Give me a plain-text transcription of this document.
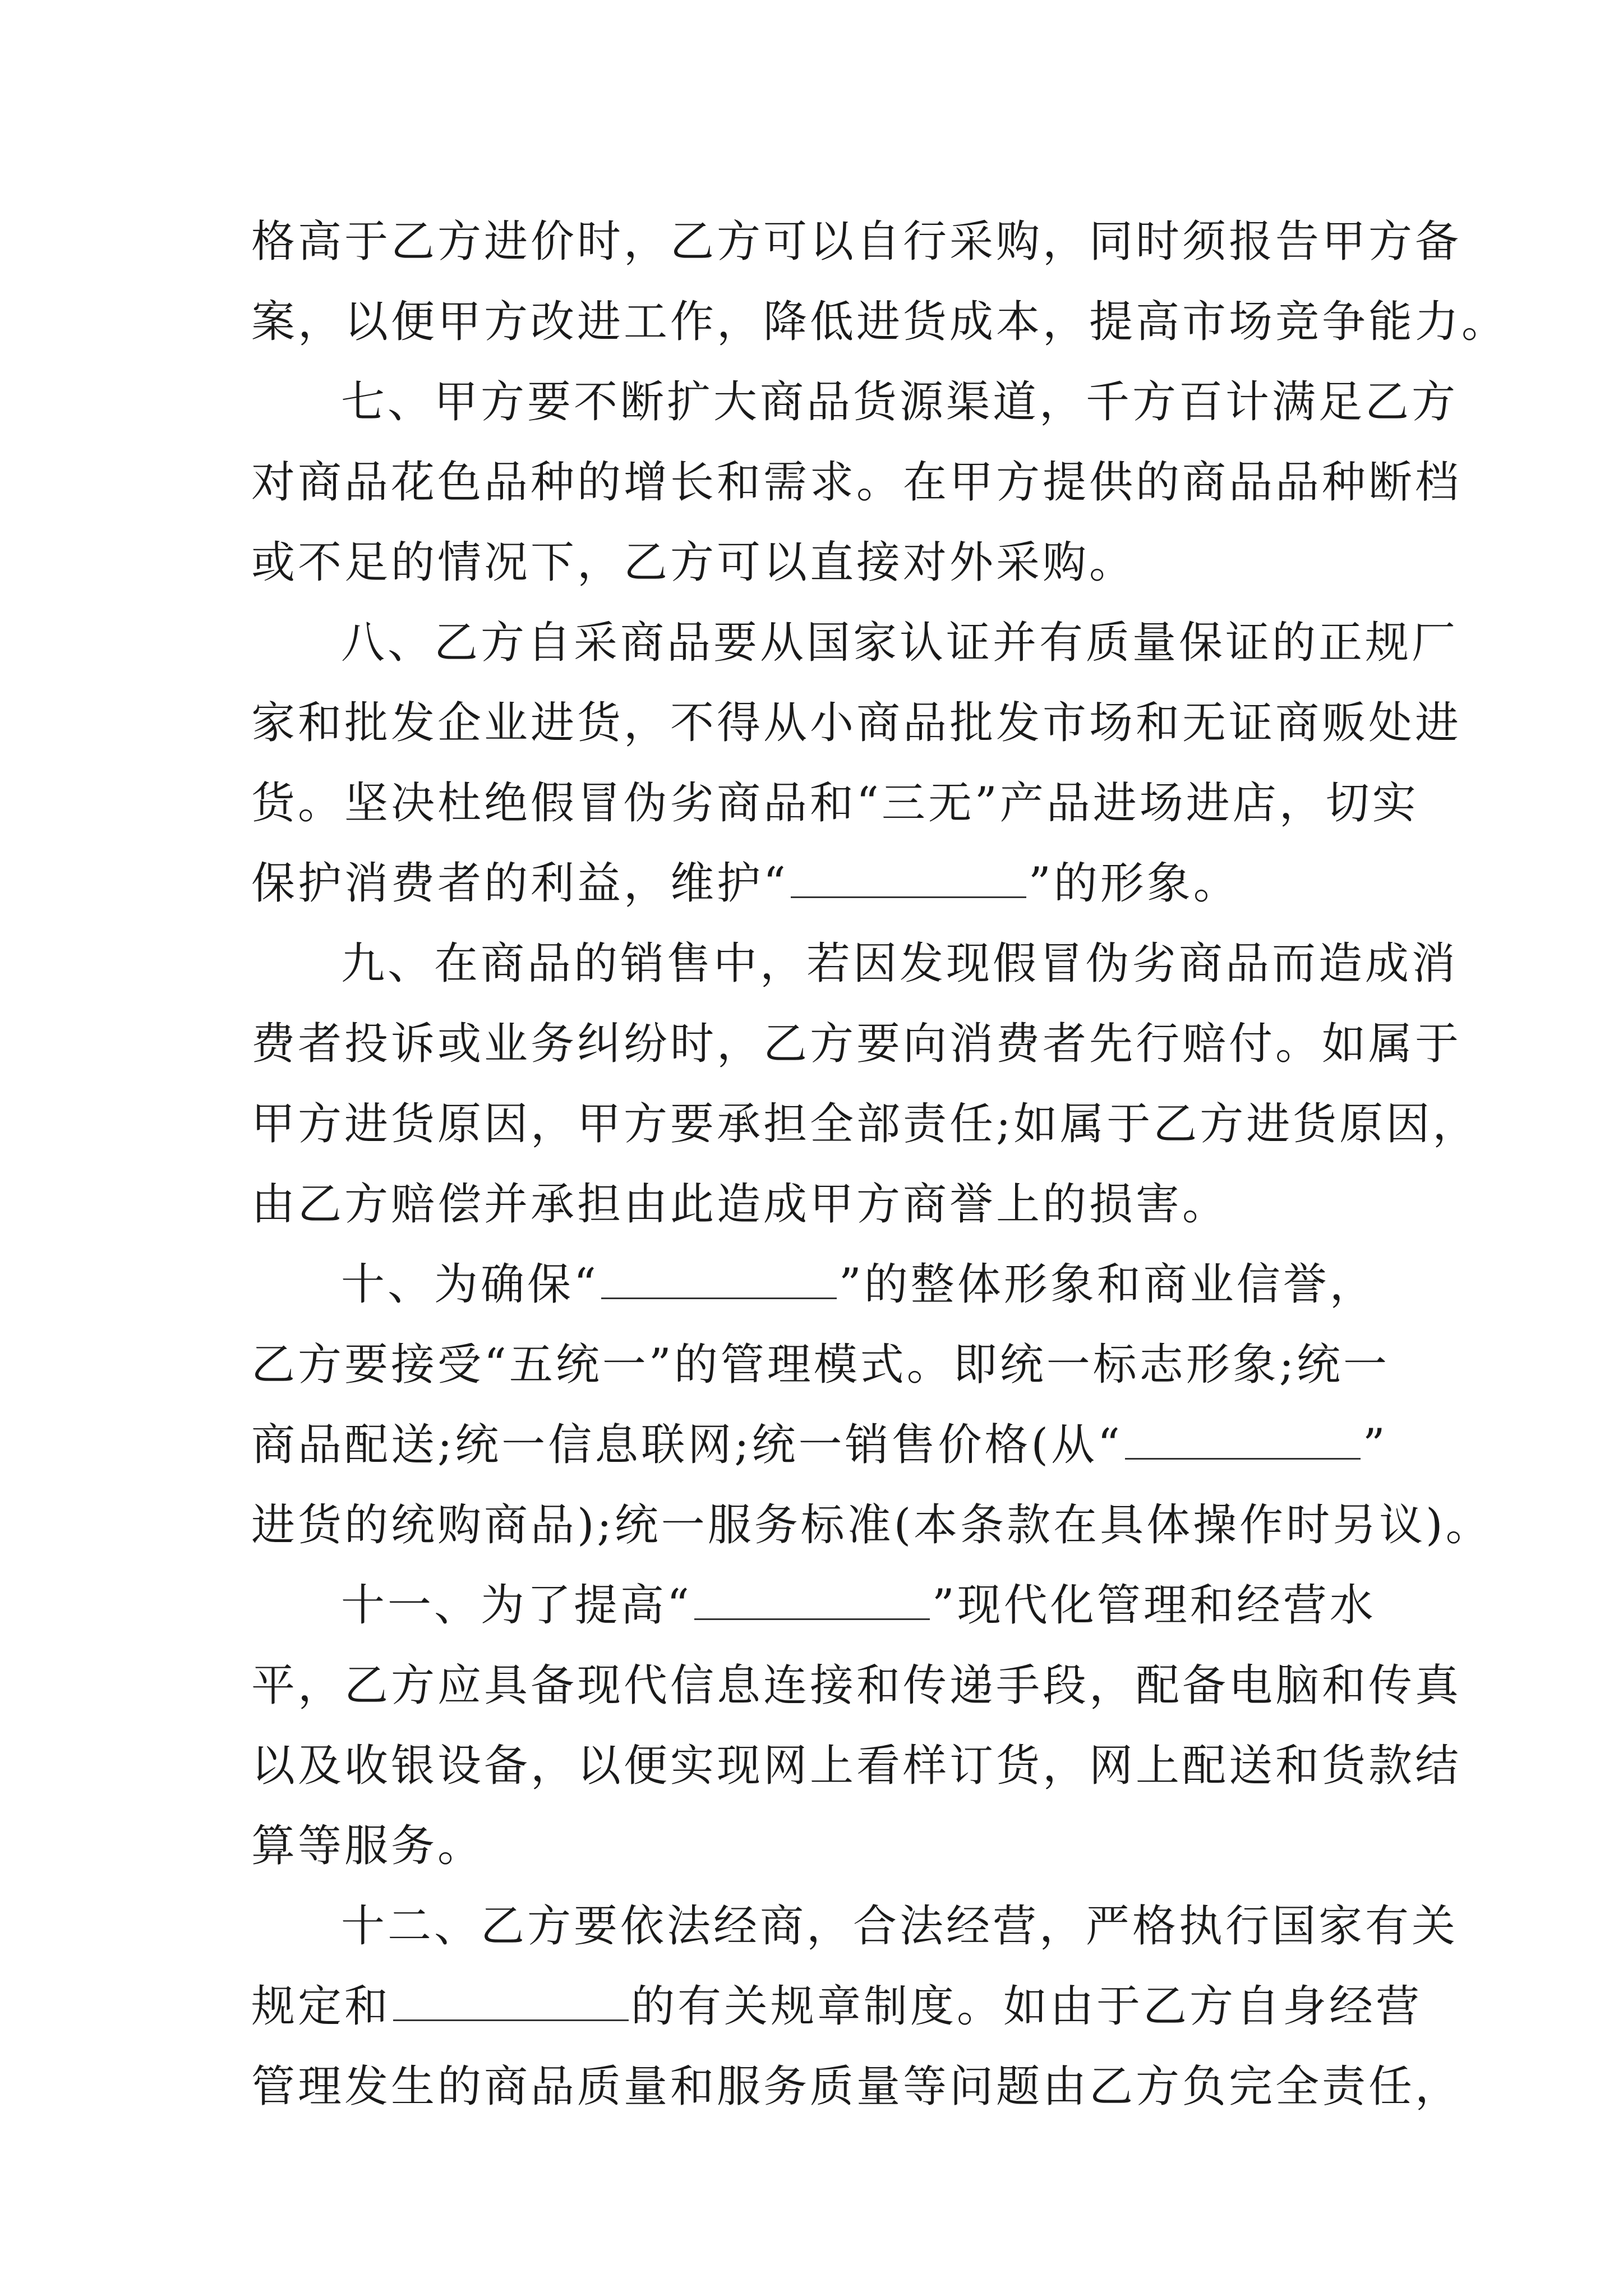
格高于乙方进价时，乙方可以自行采购，同时须报告甲方备
案，以便甲方改进工作，降低进货成本，提高市场竞争能力。
七、甲方要不断扩大商品货源渠道，千方百计满足乙方
对商品花色品种的增长和需求。在甲方提供的商品品种断档
或不足的情况下，乙方可以直接对外采购。
八、乙方自采商品要从国家认证并有质量保证的正规厂
家和批发企业进货，不得从小商品批发市场和无证商贩处进
货。坚决杜绝假冒伪劣商品和“三无”产品进场进店，切实
保护消费者的利益，维护“	”的形象。
九、在商品的销售中，若因发现假冒伪劣商品而造成消
费者投诉或业务纠纷时，乙方要向消费者先行赔付。如属于
甲方进货原因，甲方要承担全部责任;如属于乙方进货原因，
由乙方赔偿并承担由此造成甲方商誉上的损害。
十、为确保“	”的整体形象和商业信誉，
乙方要接受“五统一”的管理模式。即统一标志形象;统一
商品配送;统一信息联网;统一销售价格(从“	”
进货的统购商品);统一服务标准(本条款在具体操作时另议)。
十一、为了提高“	”现代化管理和经营水
平，乙方应具备现代信息连接和传递手段，配备电脑和传真
以及收银设备，以便实现网上看样订货，网上配送和货款结
算等服务。
十二、乙方要依法经商，合法经营，严格执行国家有关
规定和	的有关规章制度。如由于乙方自身经营
管理发生的商品质量和服务质量等问题由乙方负完全责任，
